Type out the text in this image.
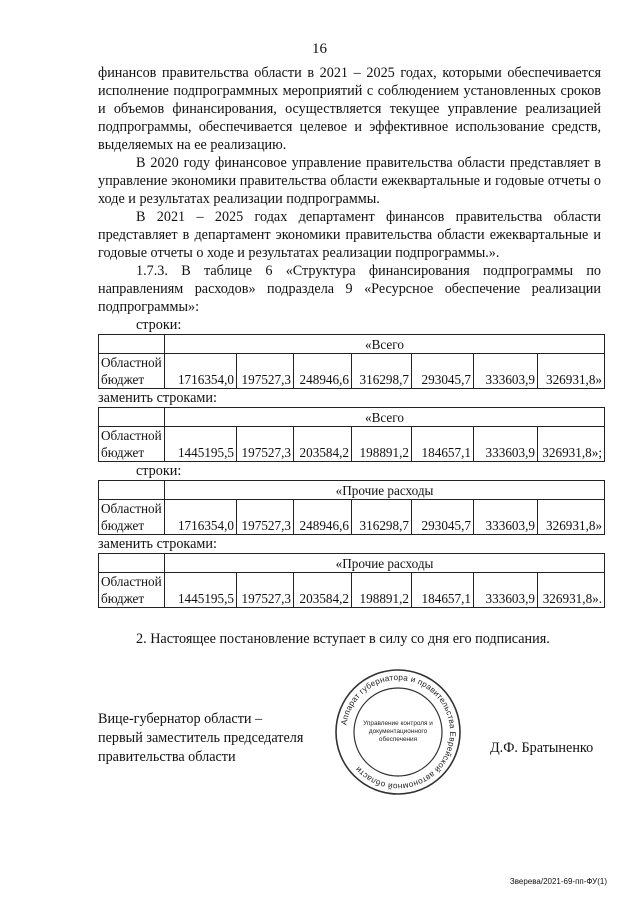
16

финансов правительства области в 2021 – 2025 годах, которыми обеспечивается исполнение подпрограммных мероприятий с соблюдением установленных сроков и объемов финансирования, осуществляется текущее управление реализацией подпрограммы, обеспечивается целевое и эффективное использование средств, выделяемых на ее реализацию.

В 2020 году финансовое управление правительства области представляет в управление экономики правительства области ежеквартальные и годовые отчеты о ходе и результатах реализации подпрограммы.

В 2021 – 2025 годах департамент финансов правительства области представляет в департамент экономики правительства области ежеквартальные и годовые отчеты о ходе и результатах реализации подпрограммы.».

1.7.3. В таблице 6 «Структура финансирования подпрограммы по направлениям расходов» подраздела 9 «Ресурсное обеспечение реализации подпрограммы»:

строки:

	«Всего						
Областной
бюджет	1716354,0	197527,3	248946,6	316298,7	293045,7	333603,9	326931,8»

заменить строками:

	«Всего						
Областной
бюджет	1445195,5	197527,3	203584,2	198891,2	184657,1	333603,9	326931,8»;

строки:

	«Прочие расходы						
Областной
бюджет	1716354,0	197527,3	248946,6	316298,7	293045,7	333603,9	326931,8»

заменить строками:

	«Прочие расходы						
Областной
бюджет	1445195,5	197527,3	203584,2	198891,2	184657,1	333603,9	326931,8».

2. Настоящее постановление вступает в силу со дня его подписания.

Вице-губернатор области –
первый заместитель председателя
правительства области
Аппарат губернатора и правительства Еврейской автономной области
Управление контроля и
документационного
обеспечения
Д.Ф. Братыненко
Зверева/2021-69-пп-ФУ(1)
